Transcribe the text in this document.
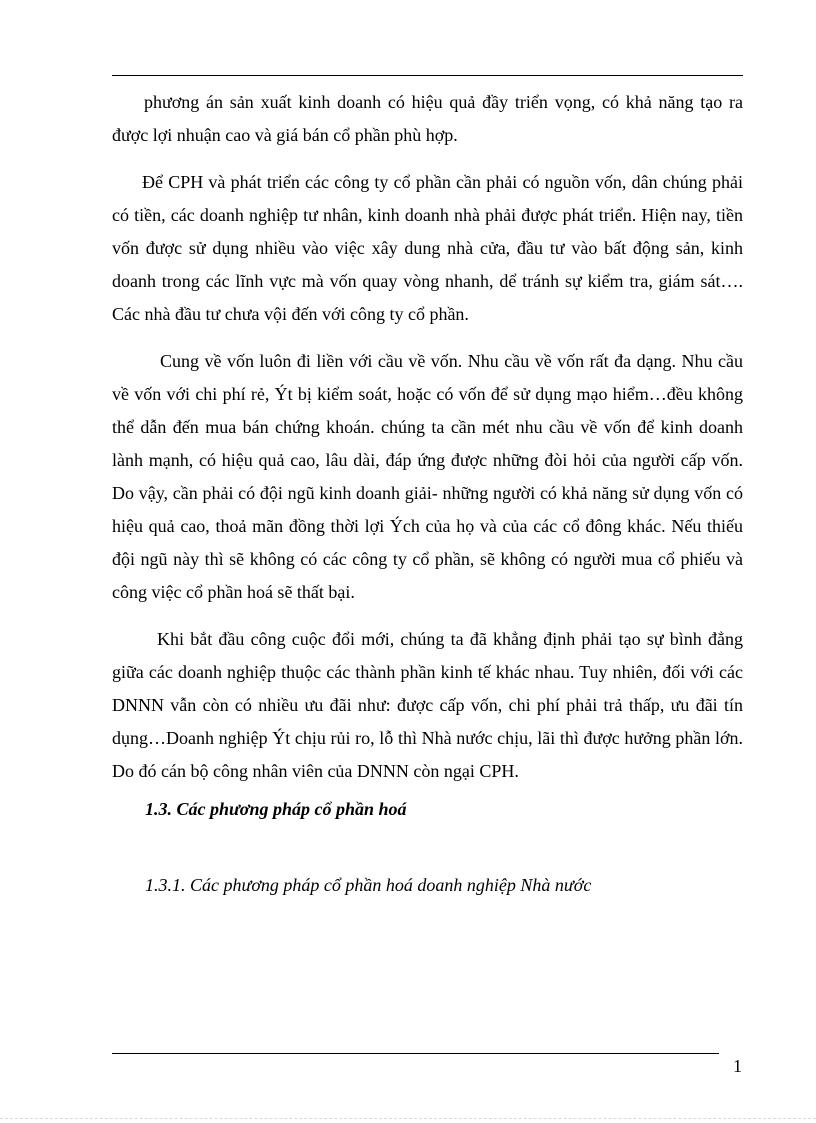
phương án sản xuất kinh doanh có hiệu quả đầy triển vọng, có khả năng tạo ra được lợi nhuận cao và giá bán cổ phần phù hợp.

Để CPH và phát triển các công ty cổ phần cần phải có nguồn vốn, dân chúng phải có tiền, các doanh nghiệp tư nhân, kinh doanh nhà phải được phát triển. Hiện nay, tiền vốn được sử dụng nhiều vào việc xây dung nhà cửa, đầu tư vào bất động sản, kinh doanh trong các lĩnh vực mà vốn quay vòng nhanh, dể tránh sự kiểm tra, giám sát…. Các nhà đầu tư chưa vội đến với công ty cổ phần.

Cung về vốn luôn đi liền với cầu về vốn. Nhu cầu về vốn rất đa dạng. Nhu cầu về vốn với chi phí rẻ, Ýt bị kiểm soát, hoặc có vốn để sử dụng mạo hiểm…đều không thể dẫn đến mua bán chứng khoán. chúng ta cần mét nhu cầu về vốn để kinh doanh lành mạnh, có hiệu quả cao, lâu dài, đáp ứng được những đòi hỏi của người cấp vốn. Do vậy, cần phải có đội ngũ kinh doanh giải- những người có khả năng sử dụng vốn có hiệu quả cao, thoả mãn đồng thời lợi Ých của họ và của các cổ đông khác. Nếu thiếu đội ngũ này thì sẽ không có các công ty cổ phần, sẽ không có người mua cổ phiếu và công việc cổ phần hoá sẽ thất bại.

Khi bắt đầu công cuộc đổi mới, chúng ta đã khẳng định phải tạo sự bình đẳng giữa các doanh nghiệp thuộc các thành phần kinh tế khác nhau. Tuy nhiên, đối với các DNNN vẫn còn có nhiều ưu đãi như: được cấp vốn, chi phí phải trả thấp, ưu đãi tín dụng…Doanh nghiệp Ýt chịu rủi ro, lỗ thì Nhà nước chịu, lãi thì được hưởng phần lớn. Do đó cán bộ công nhân viên của DNNN còn ngại CPH.

1.3. Các phương pháp cổ phần hoá
1.3.1. Các phương pháp cổ phần hoá doanh nghiệp Nhà nước
1
